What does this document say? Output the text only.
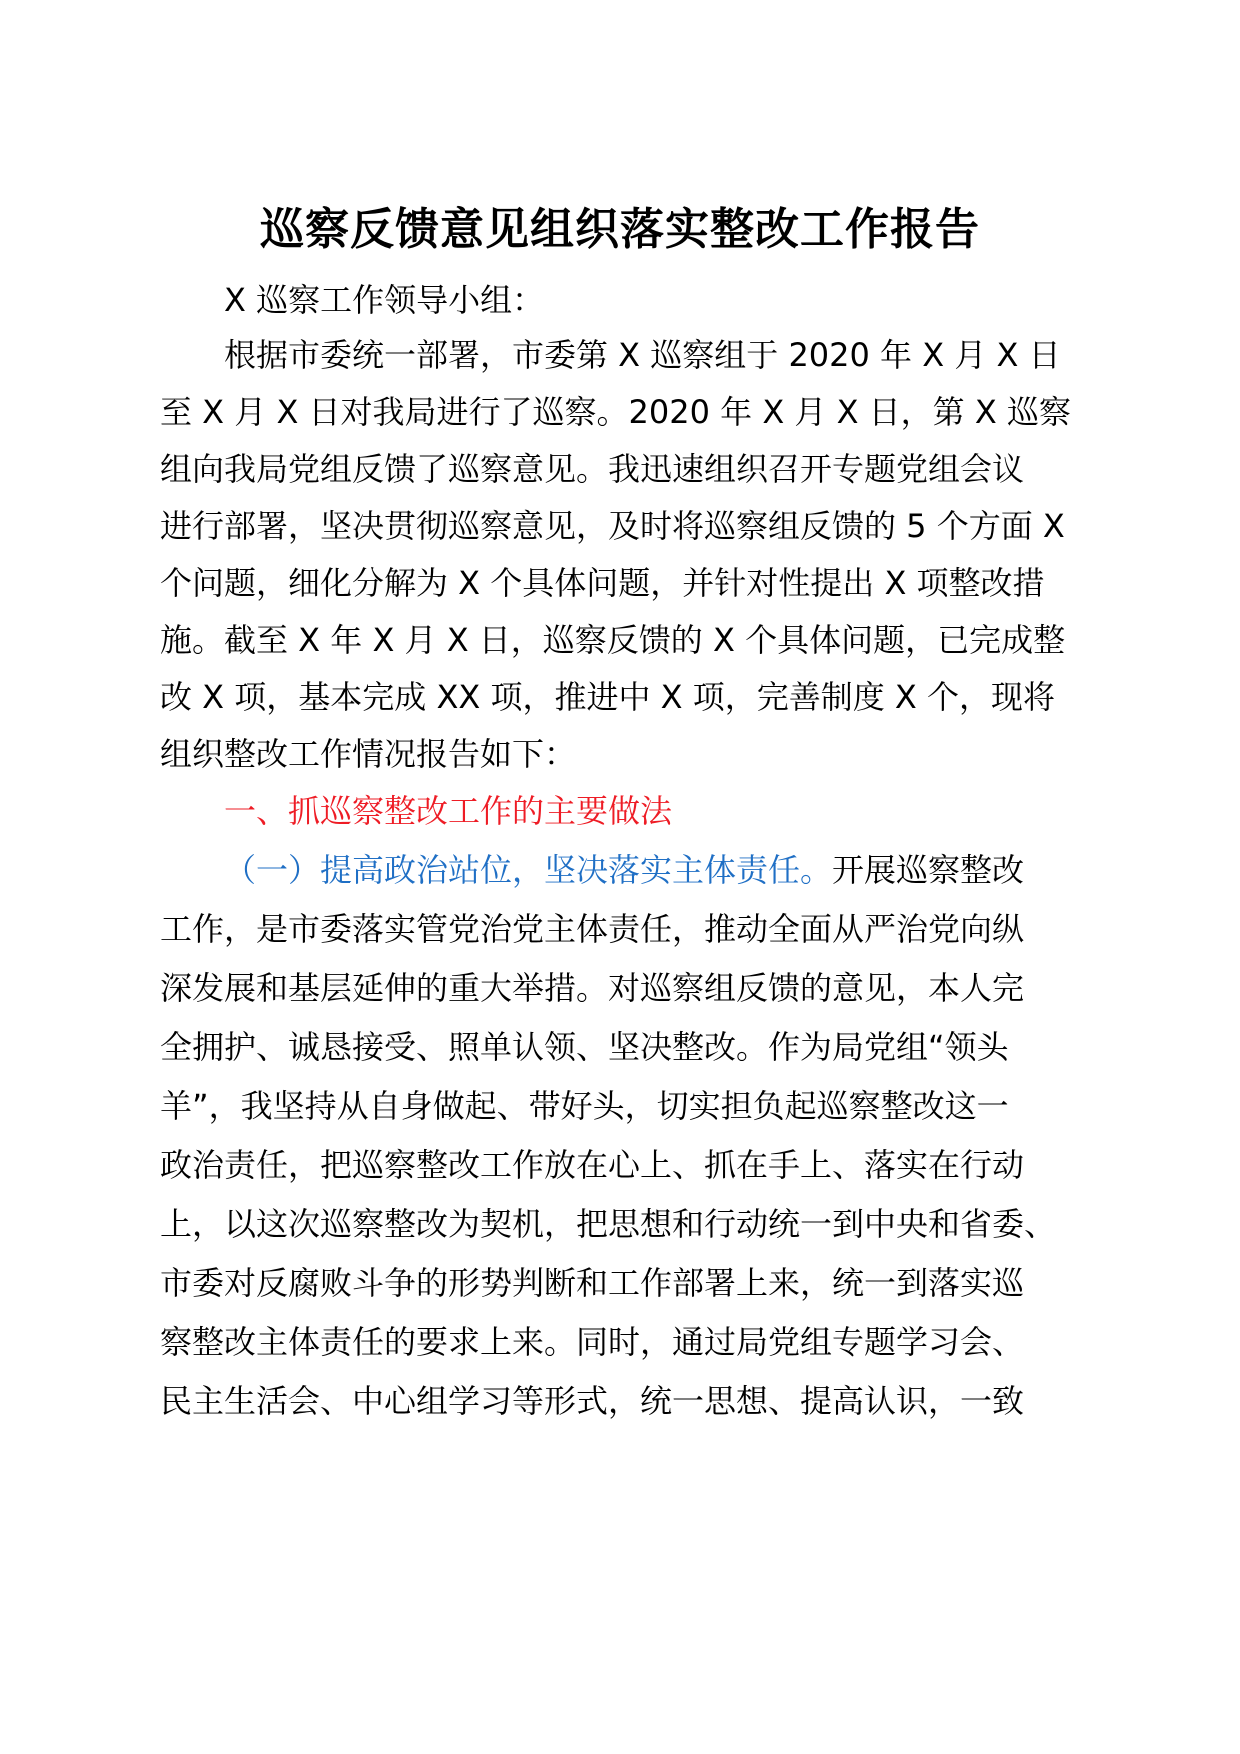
巡察反馈意见组织落实整改工作报告

X 巡察工作领导小组：

根据市委统一部署，市委第 X 巡察组于 2020 年 X 月 X 日

至 X 月 X 日对我局进行了巡察。2020 年 X 月 X 日，第 X 巡察

组向我局党组反馈了巡察意见。我迅速组织召开专题党组会议

进行部署，坚决贯彻巡察意见，及时将巡察组反馈的 5 个方面 X

个问题，细化分解为 X 个具体问题，并针对性提出 X 项整改措

施。截至 X 年 X 月 X 日，巡察反馈的 X 个具体问题，已完成整

改 X 项，基本完成 XX 项，推进中 X 项，完善制度 X 个，现将

组织整改工作情况报告如下：

一、抓巡察整改工作的主要做法

（一）提高政治站位，坚决落实主体责任。开展巡察整改

工作，是市委落实管党治党主体责任，推动全面从严治党向纵

深发展和基层延伸的重大举措。对巡察组反馈的意见，本人完

全拥护、诚恳接受、照单认领、坚决整改。作为局党组“领头

羊”，我坚持从自身做起、带好头，切实担负起巡察整改这一

政治责任，把巡察整改工作放在心上、抓在手上、落实在行动

上，以这次巡察整改为契机，把思想和行动统一到中央和省委、

市委对反腐败斗争的形势判断和工作部署上来，统一到落实巡

察整改主体责任的要求上来。同时，通过局党组专题学习会、

民主生活会、中心组学习等形式，统一思想、提高认识，一致
